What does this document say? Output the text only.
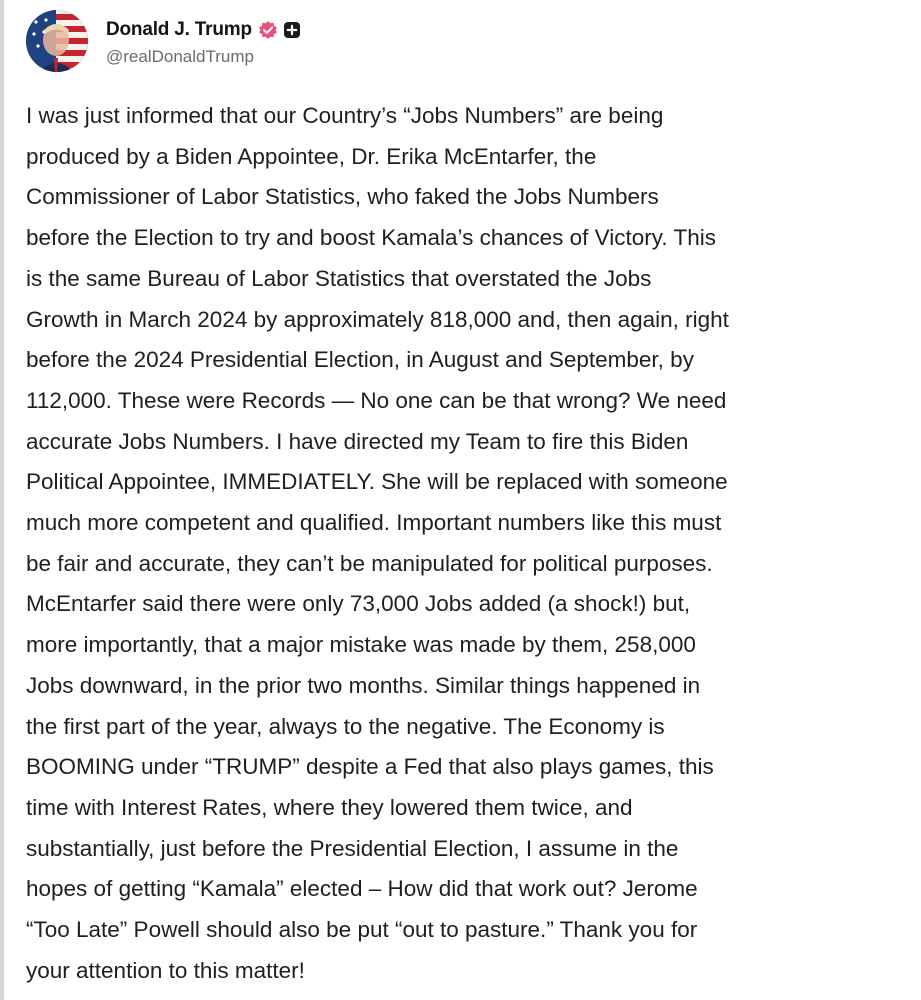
Donald J. Trump
@realDonaldTrump
I was just informed that our Country’s “Jobs Numbers” are being
produced by a Biden Appointee, Dr. Erika McEntarfer, the
Commissioner of Labor Statistics, who faked the Jobs Numbers
before the Election to try and boost Kamala’s chances of Victory. This
is the same Bureau of Labor Statistics that overstated the Jobs
Growth in March 2024 by approximately 818,000 and, then again, right
before the 2024 Presidential Election, in August and September, by
112,000. These were Records — No one can be that wrong? We need
accurate Jobs Numbers. I have directed my Team to fire this Biden
Political Appointee, IMMEDIATELY. She will be replaced with someone
much more competent and qualified. Important numbers like this must
be fair and accurate, they can’t be manipulated for political purposes.
McEntarfer said there were only 73,000 Jobs added (a shock!) but,
more importantly, that a major mistake was made by them, 258,000
Jobs downward, in the prior two months. Similar things happened in
the first part of the year, always to the negative. The Economy is
BOOMING under “TRUMP” despite a Fed that also plays games, this
time with Interest Rates, where they lowered them twice, and
substantially, just before the Presidential Election, I assume in the
hopes of getting “Kamala” elected – How did that work out? Jerome
“Too Late” Powell should also be put “out to pasture.” Thank you for
your attention to this matter!
